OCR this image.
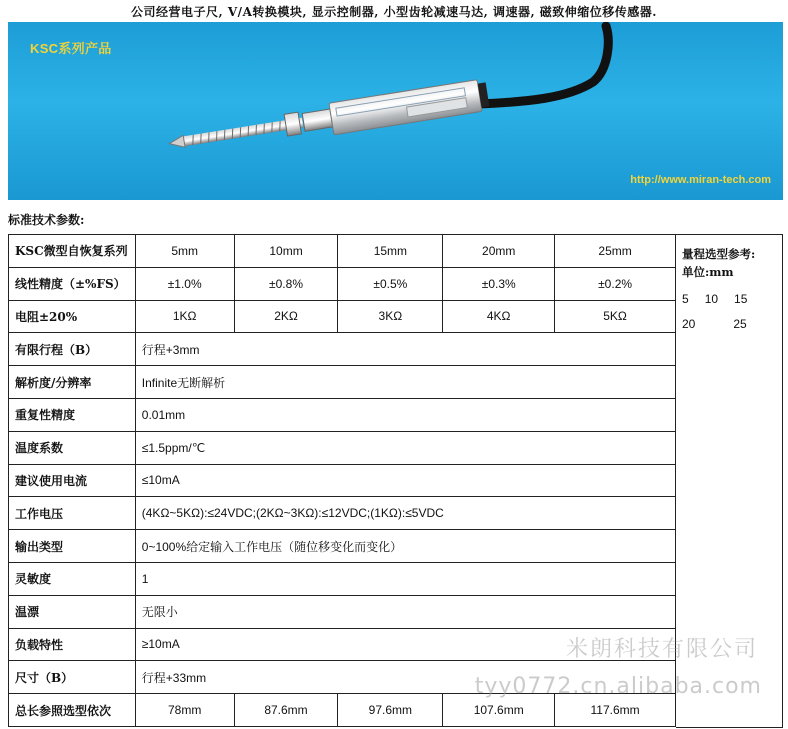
公司经营电子尺, V/A转换模块, 显示控制器, 小型齿轮减速马达, 调速器, 磁致伸缩位移传感器.
KSC系列产品
http://www.miran-tech.com
标准技术参数:
KSC微型自恢复系列	5mm	10mm	15mm	20mm	25mm
线性精度（±%FS）	±1.0%	±0.8%	±0.5%	±0.3%	±0.2%
电阻±20%	1KΩ	2KΩ	3KΩ	4KΩ	5KΩ
有限行程（B）	行程+3mm				
解析度/分辨率	Infinite无断解析				
重复性精度	0.01mm				
温度系数	≤1.5ppm/℃				
建议使用电流	≤10mA				
工作电压	(4KΩ~5KΩ):≤24VDC;(2KΩ~3KΩ):≤12VDC;(1KΩ):≤5VDC				
输出类型	0~100%给定输入工作电压（随位移变化而变化）				
灵敏度	1				
温漂	无限小				
负载特性	≥10mA				
尺寸（B）	行程+33mm				
总长参照选型依次	78mm	87.6mm	97.6mm	107.6mm	117.6mm
量程选型参考:
单位:mm
5 10 15
20	25
米朗科技有限公司
tyy0772.cn.alibaba.com
